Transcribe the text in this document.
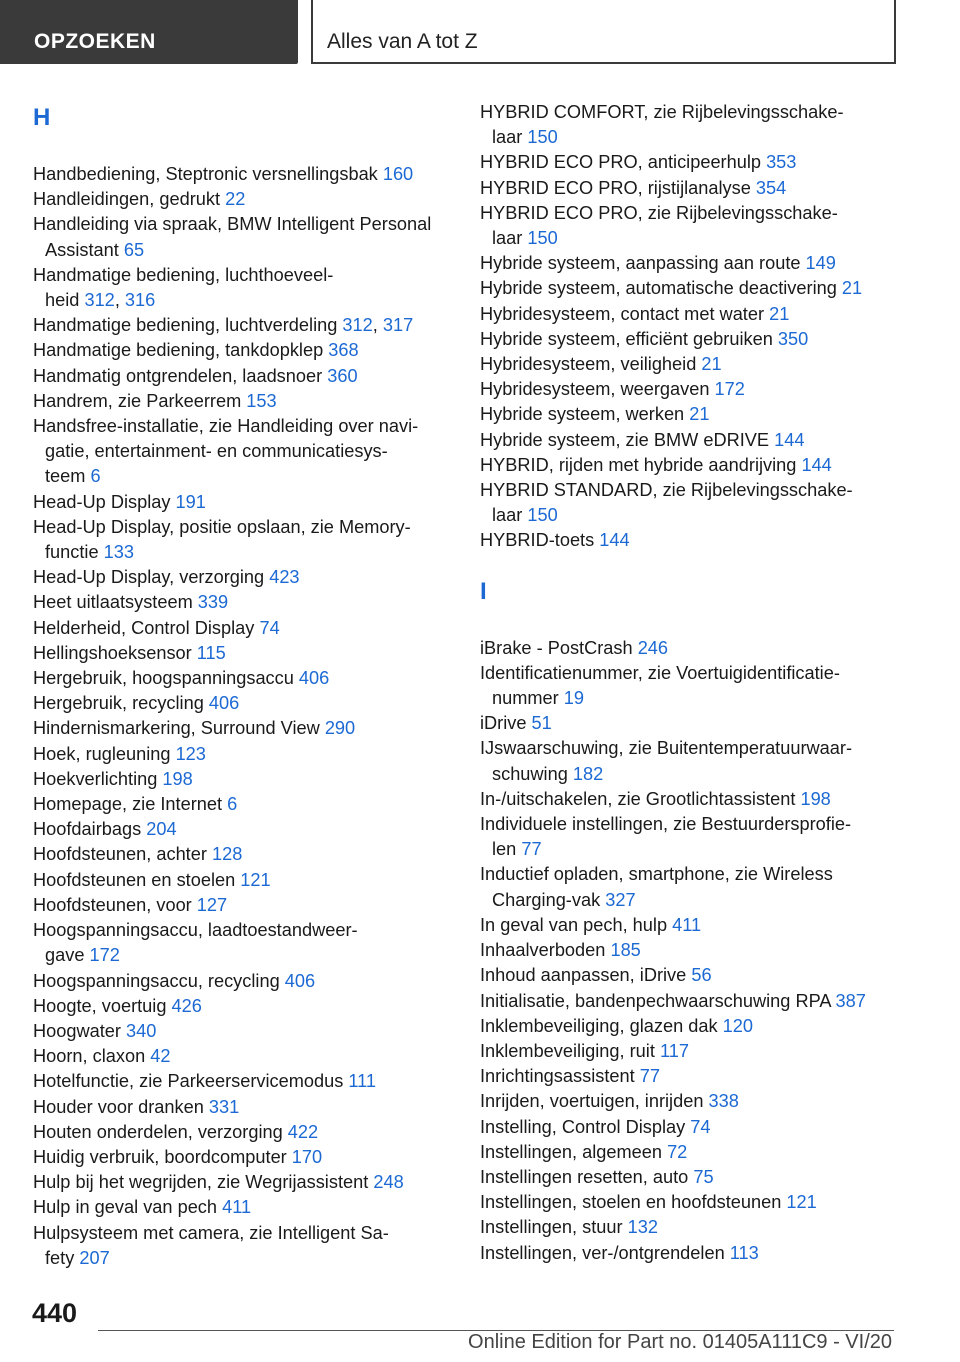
OPZOEKEN	Alles van A tot Z
H
Handbediening, Steptronic versnellingsbak 160
Handleidingen, gedrukt 22
Handleiding via spraak, BMW Intelligent Personal
Assistant 65
Handmatige bediening, luchthoeveel-
heid 312, 316
Handmatige bediening, luchtverdeling 312, 317
Handmatige bediening, tankdopklep 368
Handmatig ontgrendelen, laadsnoer 360
Handrem, zie Parkeerrem 153
Handsfree-installatie, zie Handleiding over navi-
gatie, entertainment- en communicatiesys-
teem 6
Head-Up Display 191
Head-Up Display, positie opslaan, zie Memory-
functie 133
Head-Up Display, verzorging 423
Heet uitlaatsysteem 339
Helderheid, Control Display 74
Hellingshoeksensor 115
Hergebruik, hoogspanningsaccu 406
Hergebruik, recycling 406
Hindernismarkering, Surround View 290
Hoek, rugleuning 123
Hoekverlichting 198
Homepage, zie Internet 6
Hoofdairbags 204
Hoofdsteunen, achter 128
Hoofdsteunen en stoelen 121
Hoofdsteunen, voor 127
Hoogspanningsaccu, laadtoestandweer-
gave 172
Hoogspanningsaccu, recycling 406
Hoogte, voertuig 426
Hoogwater 340
Hoorn, claxon 42
Hotelfunctie, zie Parkeerservicemodus 111
Houder voor dranken 331
Houten onderdelen, verzorging 422
Huidig verbruik, boordcomputer 170
Hulp bij het wegrijden, zie Wegrijassistent 248
Hulp in geval van pech 411
Hulpsysteem met camera, zie Intelligent Sa-
fety 207
HYBRID COMFORT, zie Rijbelevingsschake-
laar 150
HYBRID ECO PRO, anticipeerhulp 353
HYBRID ECO PRO, rijstijlanalyse 354
HYBRID ECO PRO, zie Rijbelevingsschake-
laar 150
Hybride systeem, aanpassing aan route 149
Hybride systeem, automatische deactivering 21
Hybridesysteem, contact met water 21
Hybride systeem, efficiënt gebruiken 350
Hybridesysteem, veiligheid 21
Hybridesysteem, weergaven 172
Hybride systeem, werken 21
Hybride systeem, zie BMW eDRIVE 144
HYBRID, rijden met hybride aandrijving 144
HYBRID STANDARD, zie Rijbelevingsschake-
laar 150
HYBRID-toets 144
I
iBrake - PostCrash 246
Identificatienummer, zie Voertuigidentificatie-
nummer 19
iDrive 51
IJswaarschuwing, zie Buitentemperatuurwaar-
schuwing 182
In-/uitschakelen, zie Grootlichtassistent 198
Individuele instellingen, zie Bestuurdersprofie-
len 77
Inductief opladen, smartphone, zie Wireless
Charging-vak 327
In geval van pech, hulp 411
Inhaalverboden 185
Inhoud aanpassen, iDrive 56
Initialisatie, bandenpechwaarschuwing RPA 387
Inklembeveiliging, glazen dak 120
Inklembeveiliging, ruit 117
Inrichtingsassistent 77
Inrijden, voertuigen, inrijden 338
Instelling, Control Display 74
Instellingen, algemeen 72
Instellingen resetten, auto 75
Instellingen, stoelen en hoofdsteunen 121
Instellingen, stuur 132
Instellingen, ver-/ontgrendelen 113
440
Online Edition for Part no. 01405A111C9 - VI/20
